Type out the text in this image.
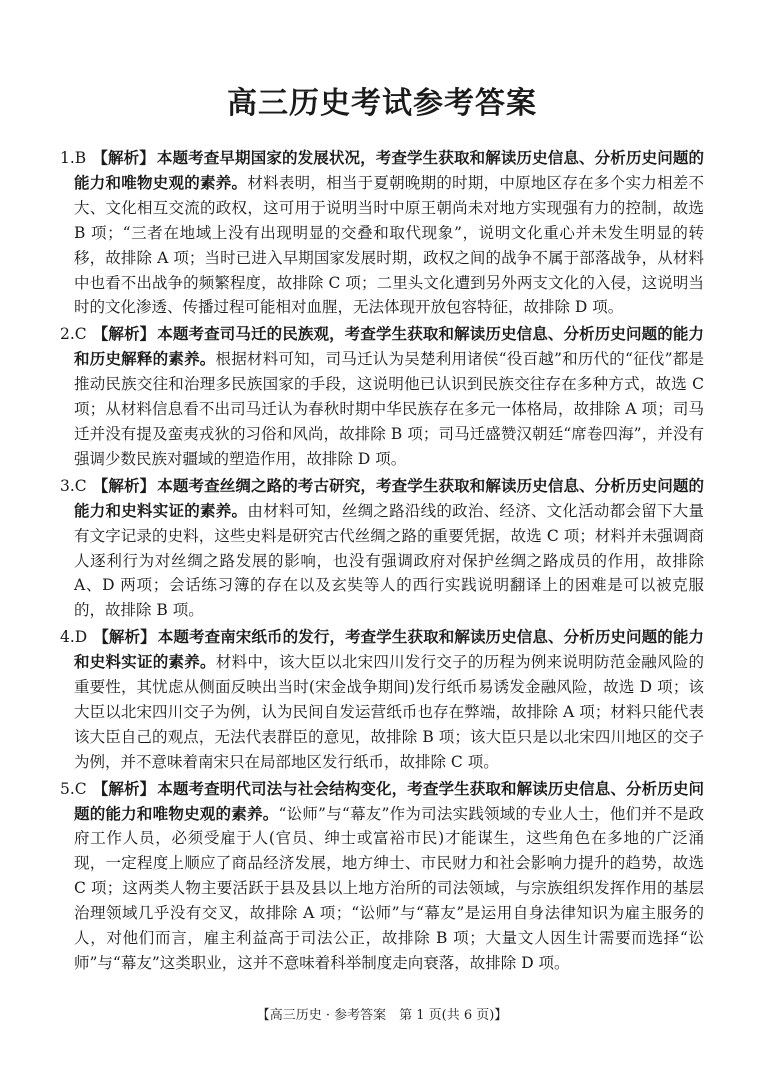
高三历史考试参考答案

1.B 【解析】 本题考查早期国家的发展状况，考查学生获取和解读历史信息、分析历史问题的能力和唯物史观的素养。材料表明，相当于夏朝晚期的时期，中原地区存在多个实力相差不大、文化相互交流的政权，这可用于说明当时中原王朝尚未对地方实现强有力的控制，故选 B 项；“三者在地域上没有出现明显的交叠和取代现象”，说明文化重心并未发生明显的转移，故排除 A 项；当时已进入早期国家发展时期，政权之间的战争不属于部落战争，从材料中也看不出战争的频繁程度，故排除 C 项；二里头文化遭到另外两支文化的入侵，这说明当时的文化渗透、传播过程可能相对血腥，无法体现开放包容特征，故排除 D 项。

2.C 【解析】 本题考查司马迁的民族观，考查学生获取和解读历史信息、分析历史问题的能力和历史解释的素养。根据材料可知，司马迁认为吴楚利用诸侯“役百越”和历代的“征伐”都是推动民族交往和治理多民族国家的手段，这说明他已认识到民族交往存在多种方式，故选 C 项；从材料信息看不出司马迁认为春秋时期中华民族存在多元一体格局，故排除 A 项；司马迁并没有提及蛮夷戎狄的习俗和风尚，故排除 B 项；司马迁盛赞汉朝廷“席卷四海”，并没有强调少数民族对疆域的塑造作用，故排除 D 项。

3.C 【解析】 本题考查丝绸之路的考古研究，考查学生获取和解读历史信息、分析历史问题的能力和史料实证的素养。由材料可知，丝绸之路沿线的政治、经济、文化活动都会留下大量有文字记录的史料，这些史料是研究古代丝绸之路的重要凭据，故选 C 项；材料并未强调商人逐利行为对丝绸之路发展的影响，也没有强调政府对保护丝绸之路成员的作用，故排除 A、D 两项；会话练习簿的存在以及玄奘等人的西行实践说明翻译上的困难是可以被克服的，故排除 B 项。

4.D 【解析】 本题考查南宋纸币的发行，考查学生获取和解读历史信息、分析历史问题的能力和史料实证的素养。材料中，该大臣以北宋四川发行交子的历程为例来说明防范金融风险的重要性，其忧虑从侧面反映出当时(宋金战争期间)发行纸币易诱发金融风险，故选 D 项；该大臣以北宋四川交子为例，认为民间自发运营纸币也存在弊端，故排除 A 项；材料只能代表该大臣自己的观点，无法代表群臣的意见，故排除 B 项；该大臣只是以北宋四川地区的交子为例，并不意味着南宋只在局部地区发行纸币，故排除 C 项。

5.C 【解析】 本题考查明代司法与社会结构变化，考查学生获取和解读历史信息、分析历史问题的能力和唯物史观的素养。“讼师”与“幕友”作为司法实践领域的专业人士，他们并不是政府工作人员，必须受雇于人(官员、绅士或富裕市民)才能谋生，这些角色在多地的广泛涌现，一定程度上顺应了商品经济发展，地方绅士、市民财力和社会影响力提升的趋势，故选 C 项；这两类人物主要活跃于县及县以上地方治所的司法领域，与宗族组织发挥作用的基层治理领域几乎没有交叉，故排除 A 项；“讼师”与“幕友”是运用自身法律知识为雇主服务的人，对他们而言，雇主利益高于司法公正，故排除 B 项；大量文人因生计需要而选择“讼师”与“幕友”这类职业，这并不意味着科举制度走向衰落，故排除 D 项。

【高三历史 · 参考答案　第 1 页(共 6 页)】
